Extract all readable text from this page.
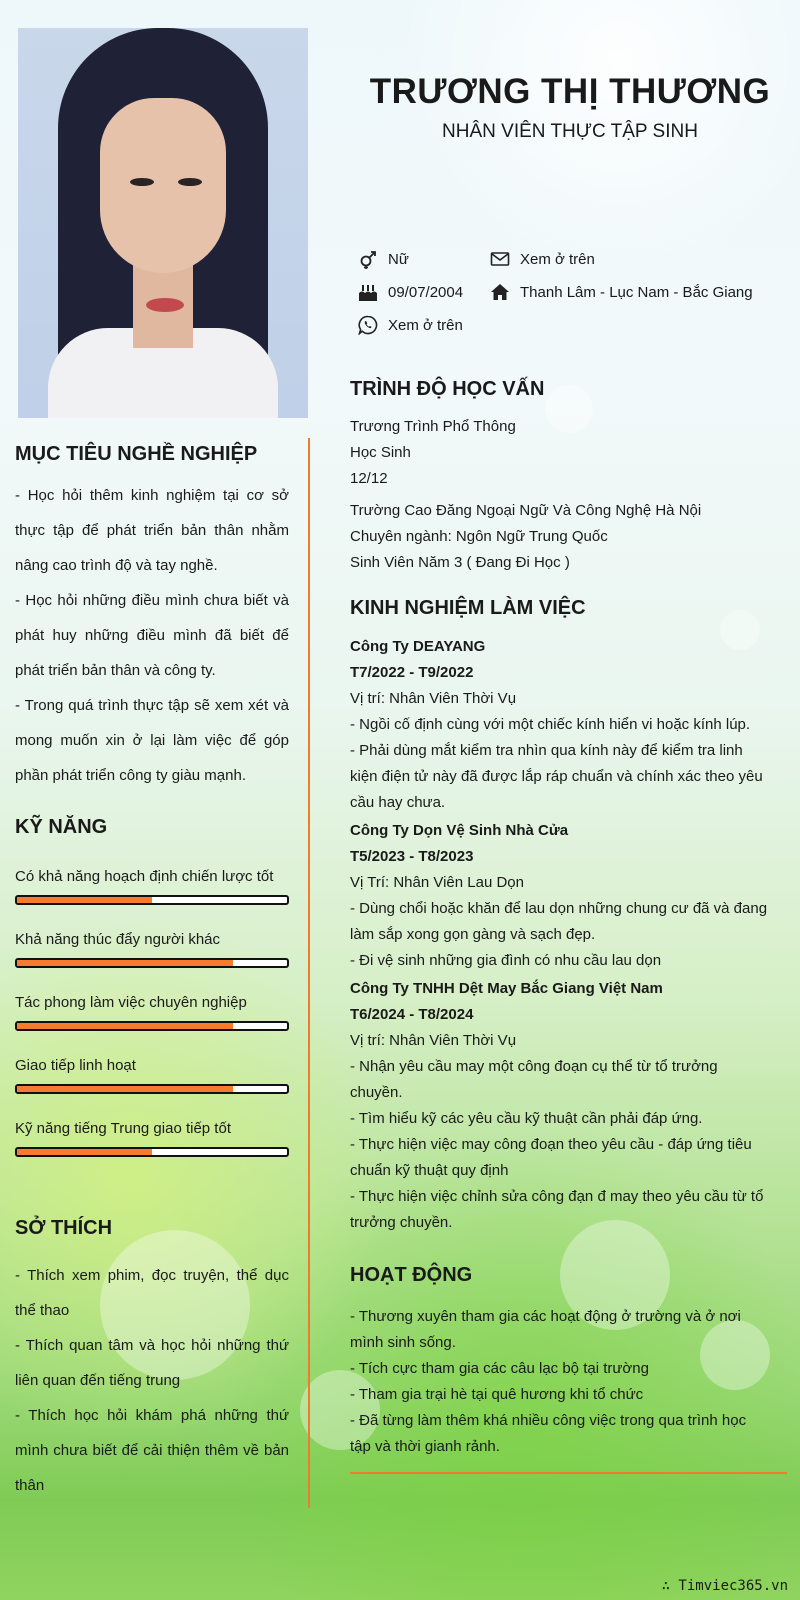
TRƯƠNG THỊ THƯƠNG
NHÂN VIÊN THỰC TẬP SINH
Nữ	Xem ở trên
09/07/2004	Thanh Lâm - Lục Nam - Bắc Giang
Xem ở trên
MỤC TIÊU NGHỀ NGHIỆP
- Học hỏi thêm kinh nghiệm tại cơ sở thực tập để phát triển bản thân nhằm nâng cao trình độ và tay nghề.
- Học hỏi những điều mình chưa biết và phát huy những điều mình đã biết để phát triển bản thân và công ty.
- Trong quá trình thực tập sẽ xem xét và mong muốn xin ở lại làm việc để góp phần phát triển công ty giàu mạnh.
KỸ NĂNG
Có khả năng hoạch định chiến lược tốt
Khả năng thúc đẩy người khác
Tác phong làm việc chuyên nghiệp
Giao tiếp linh hoạt
Kỹ năng tiếng Trung giao tiếp tốt
SỞ THÍCH
- Thích xem phim, đọc truyện, thể dục thể thao
- Thích quan tâm và học hỏi những thứ liên quan đến tiếng trung
- Thích học hỏi khám phá những thứ mình chưa biết để cải thiện thêm về bản thân
TRÌNH ĐỘ HỌC VẤN
Trương Trình Phổ Thông
Học Sinh
12/12
Trường Cao Đăng Ngoại Ngữ Và Công Nghệ Hà Nội
Chuyên ngành: Ngôn Ngữ Trung Quốc
Sinh Viên Năm 3 ( Đang Đi Học )
KINH NGHIỆM LÀM VIỆC
Công Ty DEAYANG
T7/2022 - T9/2022
Vị trí: Nhân Viên Thời Vụ
- Ngồi cố định cùng với một chiếc kính hiển vi hoặc kính lúp.
- Phải dùng mắt kiểm tra nhìn qua kính này để kiểm tra linh kiện điện tử này đã được lắp ráp chuẩn và chính xác theo yêu cầu hay chưa.
Công Ty Dọn Vệ Sinh Nhà Cửa
T5/2023 - T8/2023
Vị Trí: Nhân Viên Lau Dọn
- Dùng chổi hoặc khăn để lau dọn những chung cư đã và đang làm sắp xong gọn gàng và sạch đẹp.
- Đi vệ sinh những gia đình có nhu cầu lau dọn
Công Ty TNHH Dệt May Bắc Giang Việt Nam
T6/2024 - T8/2024
Vị trí: Nhân Viên Thời Vụ
- Nhận yêu cầu may một công đoạn cụ thể từ tổ trưởng chuyền.
- Tìm hiểu kỹ các yêu cầu kỹ thuật cần phải đáp ứng.
- Thực hiện việc may công đoạn theo yêu cầu - đáp ứng tiêu chuẩn kỹ thuật quy định
- Thực hiện việc chỉnh sửa công đạn đ may theo yêu cầu từ tổ trưởng chuyền.
HOẠT ĐỘNG
- Thương xuyên tham gia các hoạt động ở trường và ở nơi mình sinh sống.
- Tích cực tham gia các câu lạc bộ tại trường
- Tham gia trại hè tại quê hương khi tổ chức
- Đã từng làm thêm khá nhiều công việc trong qua trình học tập và thời gianh rảnh.
∴ Timviec365.vn
